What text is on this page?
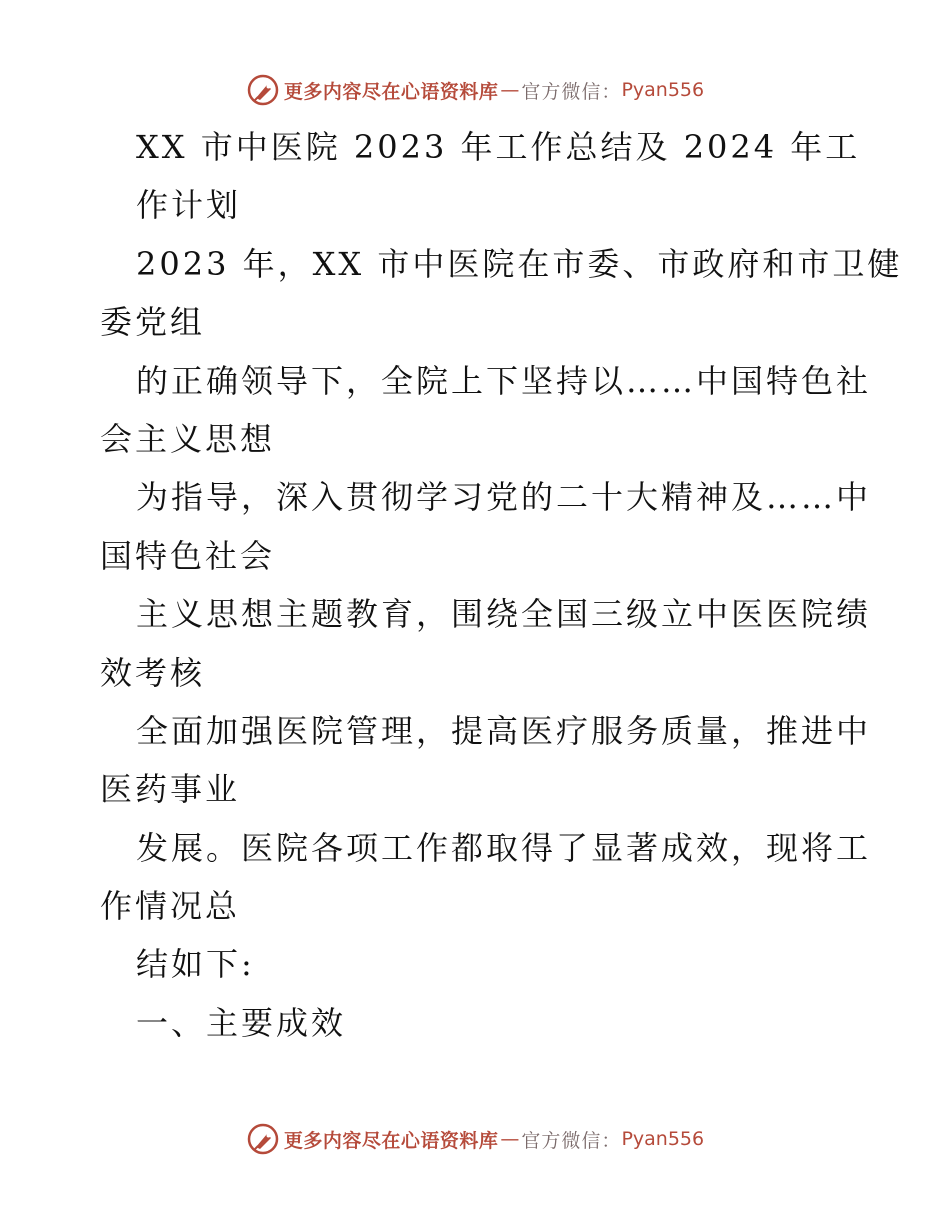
更多内容尽在心语资料库 — 官方微信： Pyan556
XX 市中医院 2023 年工作总结及 2024 年工
作计划
2023 年，XX 市中医院在市委、市政府和市卫健
委党组
的正确领导下，全院上下坚持以……中国特色社
会主义思想
为指导，深入贯彻学习党的二十大精神及……中
国特色社会
主义思想主题教育，围绕全国三级立中医医院绩
效考核
全面加强医院管理，提高医疗服务质量，推进中
医药事业
发展。医院各项工作都取得了显著成效，现将工
作情况总
结如下:
一、主要成效
更多内容尽在心语资料库 — 官方微信： Pyan556
